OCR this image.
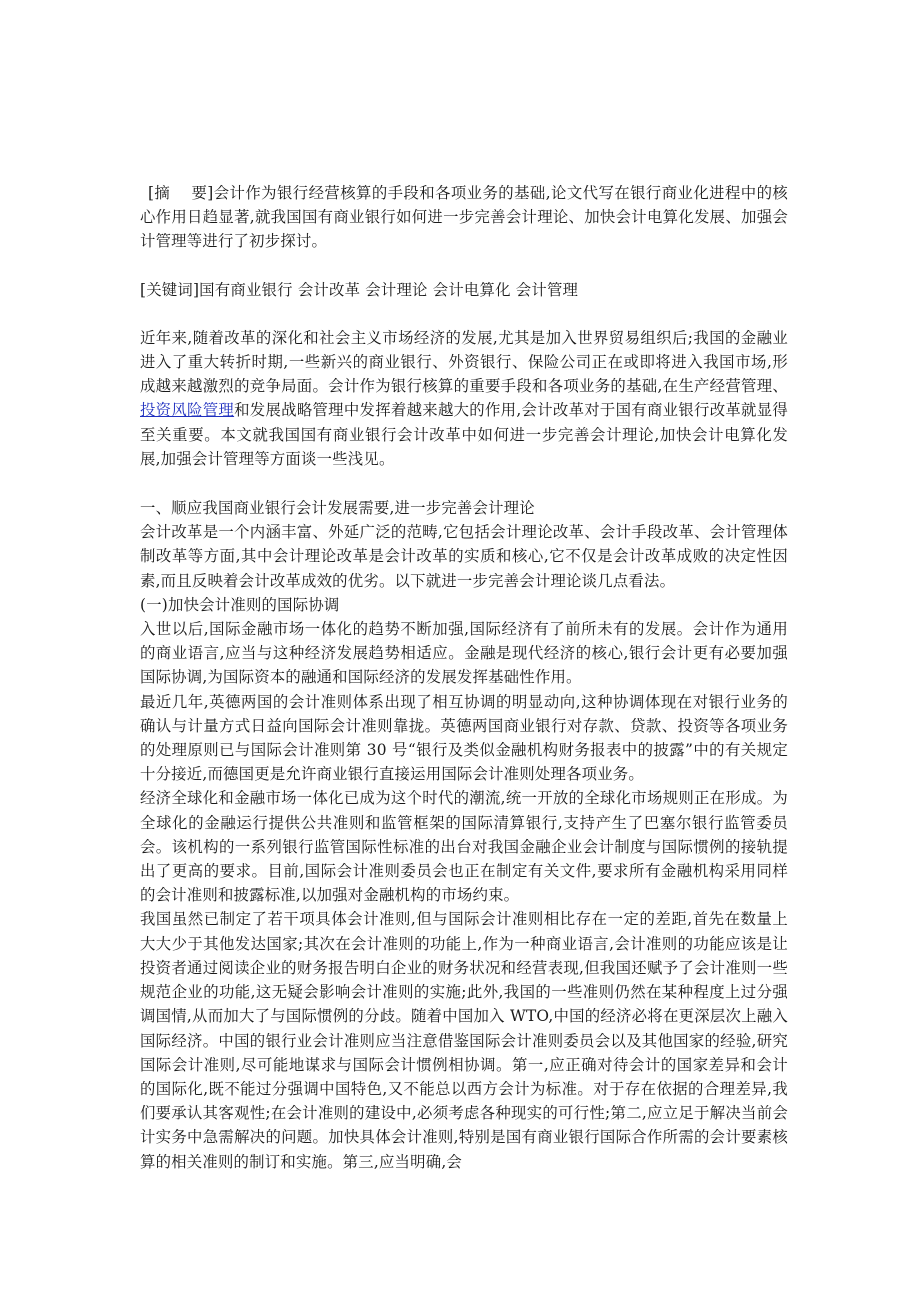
[摘    要]会计作为银行经营核算的手段和各项业务的基础,论文代写在银行商业化进程中的核心作用日趋显著,就我国国有商业银行如何进一步完善会计理论、加快会计电算化发展、加强会计管理等进行了初步探讨。

[关键词]国有商业银行 会计改革 会计理论 会计电算化 会计管理

近年来,随着改革的深化和社会主义市场经济的发展,尤其是加入世界贸易组织后;我国的金融业进入了重大转折时期,一些新兴的商业银行、外资银行、保险公司正在或即将进入我国市场,形成越来越激烈的竞争局面。会计作为银行核算的重要手段和各项业务的基础,在生产经营管理、投资风险管理和发展战略管理中发挥着越来越大的作用,会计改革对于国有商业银行改革就显得至关重要。本文就我国国有商业银行会计改革中如何进一步完善会计理论,加快会计电算化发展,加强会计管理等方面谈一些浅见。

一、顺应我国商业银行会计发展需要,进一步完善会计理论

会计改革是一个内涵丰富、外延广泛的范畴,它包括会计理论改革、会计手段改革、会计管理体制改革等方面,其中会计理论改革是会计改革的实质和核心,它不仅是会计改革成败的决定性因素,而且反映着会计改革成效的优劣。以下就进一步完善会计理论谈几点看法。

(一)加快会计准则的国际协调

入世以后,国际金融市场一体化的趋势不断加强,国际经济有了前所未有的发展。会计作为通用的商业语言,应当与这种经济发展趋势相适应。金融是现代经济的核心,银行会计更有必要加强国际协调,为国际资本的融通和国际经济的发展发挥基础性作用。

最近几年,英德两国的会计准则体系出现了相互协调的明显动向,这种协调体现在对银行业务的确认与计量方式日益向国际会计准则靠拢。英德两国商业银行对存款、贷款、投资等各项业务的处理原则已与国际会计准则第 30 号“银行及类似金融机构财务报表中的披露”中的有关规定十分接近,而德国更是允许商业银行直接运用国际会计准则处理各项业务。

经济全球化和金融市场一体化已成为这个时代的潮流,统一开放的全球化市场规则正在形成。为全球化的金融运行提供公共准则和监管框架的国际清算银行,支持产生了巴塞尔银行监管委员会。该机构的一系列银行监管国际性标准的出台对我国金融企业会计制度与国际惯例的接轨提出了更高的要求。目前,国际会计准则委员会也正在制定有关文件,要求所有金融机构采用同样的会计准则和披露标准,以加强对金融机构的市场约束。

我国虽然已制定了若干项具体会计准则,但与国际会计准则相比存在一定的差距,首先在数量上大大少于其他发达国家;其次在会计准则的功能上,作为一种商业语言,会计准则的功能应该是让投资者通过阅读企业的财务报告明白企业的财务状况和经营表现,但我国还赋予了会计准则一些规范企业的功能,这无疑会影响会计准则的实施;此外,我国的一些准则仍然在某种程度上过分强调国情,从而加大了与国际惯例的分歧。随着中国加入 WTO,中国的经济必将在更深层次上融入国际经济。中国的银行业会计准则应当注意借鉴国际会计准则委员会以及其他国家的经验,研究国际会计准则,尽可能地谋求与国际会计惯例相协调。第一,应正确对待会计的国家差异和会计的国际化,既不能过分强调中国特色,又不能总以西方会计为标准。对于存在依据的合理差异,我们要承认其客观性;在会计准则的建设中,必须考虑各种现实的可行性;第二,应立足于解决当前会计实务中急需解决的问题。加快具体会计准则,特别是国有商业银行国际合作所需的会计要素核算的相关准则的制订和实施。第三,应当明确,会
